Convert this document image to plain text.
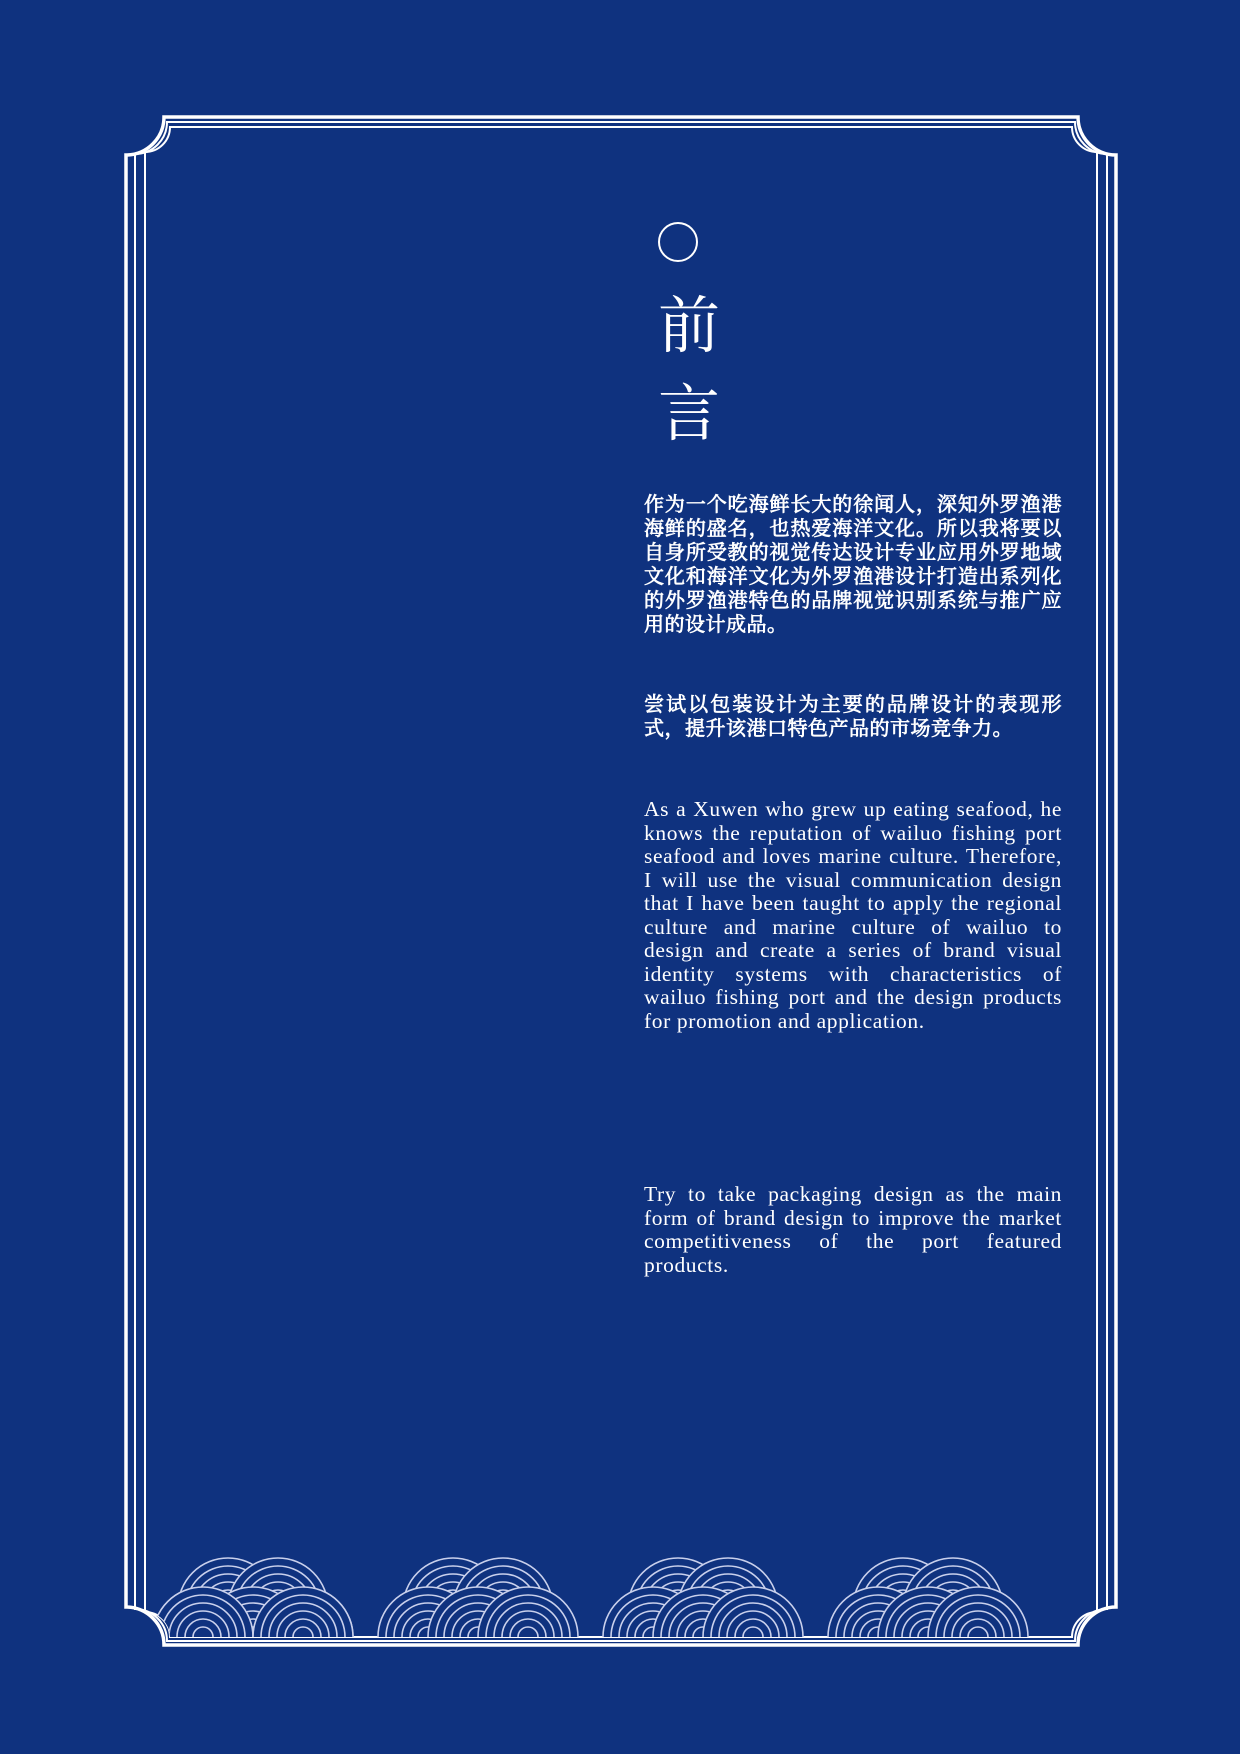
前
言

作为一个吃海鲜长大的徐闻人，深知外罗渔港海鲜的盛名，也热爱海洋文化。所以我将要以自身所受教的视觉传达设计专业应用外罗地域文化和海洋文化为外罗渔港设计打造出系列化的外罗渔港特色的品牌视觉识别系统与推广应用的设计成品。

尝试以包装设计为主要的品牌设计的表现形式，提升该港口特色产品的市场竞争力。

As a Xuwen who grew up eating seafood, he knows the reputation of wailuo fishing port seafood and loves marine culture. Therefore, I will use the visual communication design that I have been taught to apply the regional culture and marine culture of wailuo to design and create a series of brand visual identity systems with characteristics of wailuo fishing port and the design products for promotion and application.

Try to take packaging design as the main form of brand design to improve the market competitiveness of the port featured products.
